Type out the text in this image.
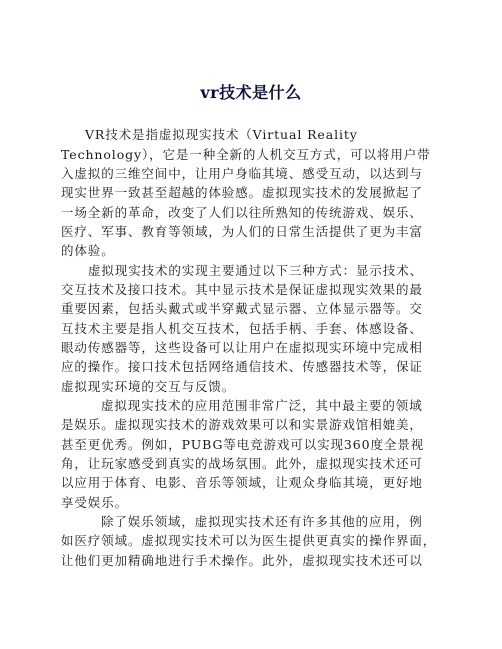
vr技术是什么
VR技术是指虚拟现实技术（Virtual Reality
Technology），它是一种全新的人机交互方式，可以将用户带
入虚拟的三维空间中，让用户身临其境、感受互动，以达到与
现实世界一致甚至超越的体验感。虚拟现实技术的发展掀起了
一场全新的革命，改变了人们以往所熟知的传统游戏、娱乐、
医疗、军事、教育等领域，为人们的日常生活提供了更为丰富
的体验。
虚拟现实技术的实现主要通过以下三种方式：显示技术、
交互技术及接口技术。其中显示技术是保证虚拟现实效果的最
重要因素，包括头戴式或半穿戴式显示器、立体显示器等。交
互技术主要是指人机交互技术，包括手柄、手套、体感设备、
眼动传感器等，这些设备可以让用户在虚拟现实环境中完成相
应的操作。接口技术包括网络通信技术、传感器技术等，保证
虚拟现实环境的交互与反馈。
虚拟现实技术的应用范围非常广泛，其中最主要的领域
是娱乐。虚拟现实技术的游戏效果可以和实景游戏馆相媲美，
甚至更优秀。例如，PUBG等电竞游戏可以实现360度全景视
角，让玩家感受到真实的战场氛围。此外，虚拟现实技术还可
以应用于体育、电影、音乐等领域，让观众身临其境，更好地
享受娱乐。
除了娱乐领域，虚拟现实技术还有许多其他的应用，例
如医疗领域。虚拟现实技术可以为医生提供更真实的操作界面，
让他们更加精确地进行手术操作。此外，虚拟现实技术还可以
